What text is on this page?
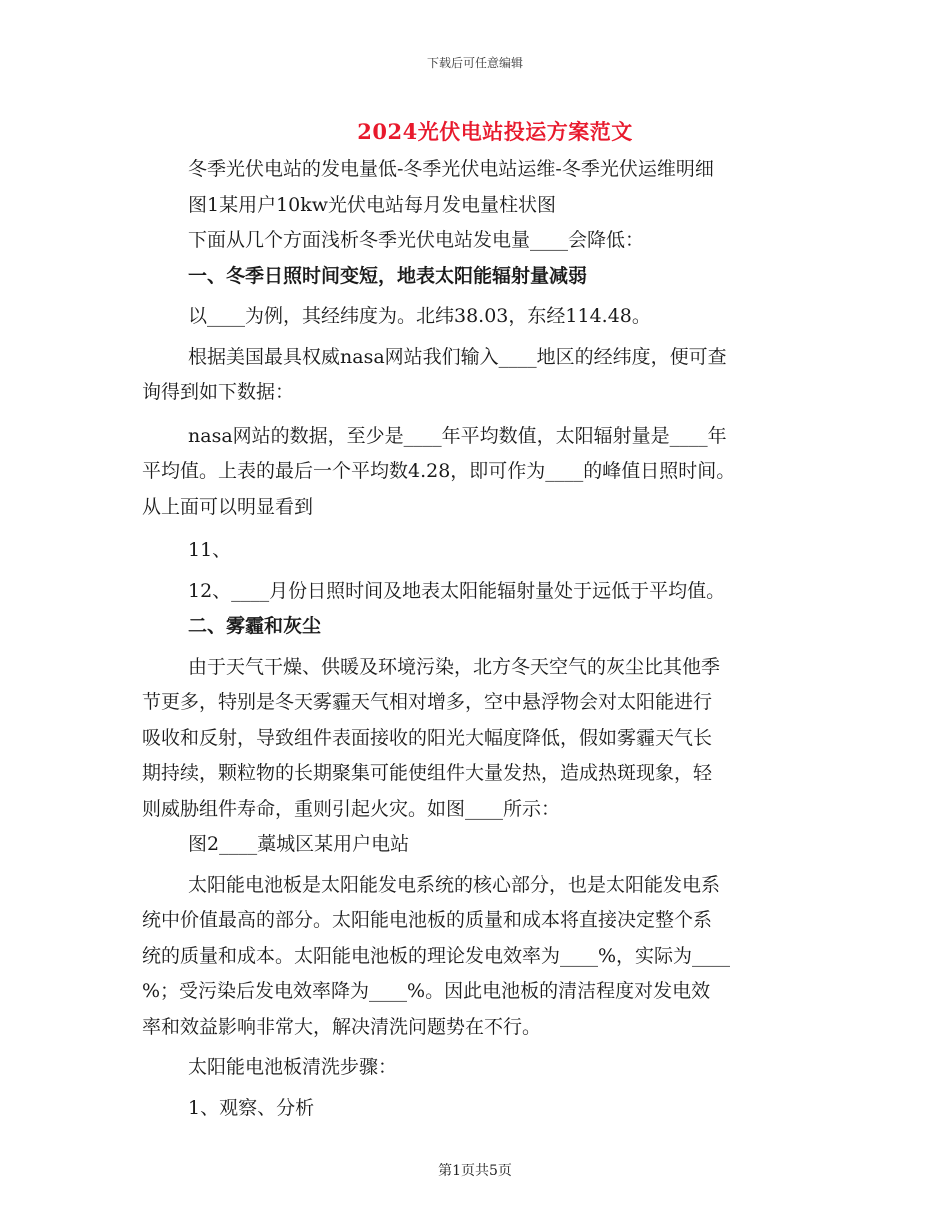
下载后可任意编辑
2024光伏电站投运方案范文
冬季光伏电站的发电量低-冬季光伏电站运维-冬季光伏运维明细
图1某用户10kw光伏电站每月发电量柱状图
下面从几个方面浅析冬季光伏电站发电量____会降低：
一、冬季日照时间变短，地表太阳能辐射量减弱
以____为例，其经纬度为。北纬38.03，东经114.48。
根据美国最具权威nasa网站我们输入____地区的经纬度，便可查
询得到如下数据：
nasa网站的数据，至少是____年平均数值，太阳辐射量是____年
平均值。上表的最后一个平均数4.28，即可作为____的峰值日照时间。
从上面可以明显看到
11、
12、____月份日照时间及地表太阳能辐射量处于远低于平均值。
二、雾霾和灰尘
由于天气干燥、供暖及环境污染，北方冬天空气的灰尘比其他季
节更多，特别是冬天雾霾天气相对增多，空中悬浮物会对太阳能进行
吸收和反射，导致组件表面接收的阳光大幅度降低，假如雾霾天气长
期持续，颗粒物的长期聚集可能使组件大量发热，造成热斑现象，轻
则威胁组件寿命，重则引起火灾。如图____所示：
图2____藁城区某用户电站
太阳能电池板是太阳能发电系统的核心部分，也是太阳能发电系
统中价值最高的部分。太阳能电池板的质量和成本将直接决定整个系
统的质量和成本。太阳能电池板的理论发电效率为____%，实际为____
%；受污染后发电效率降为____%。因此电池板的清洁程度对发电效
率和效益影响非常大，解决清洗问题势在不行。
太阳能电池板清洗步骤：
1、观察、分析
第1页共5页
